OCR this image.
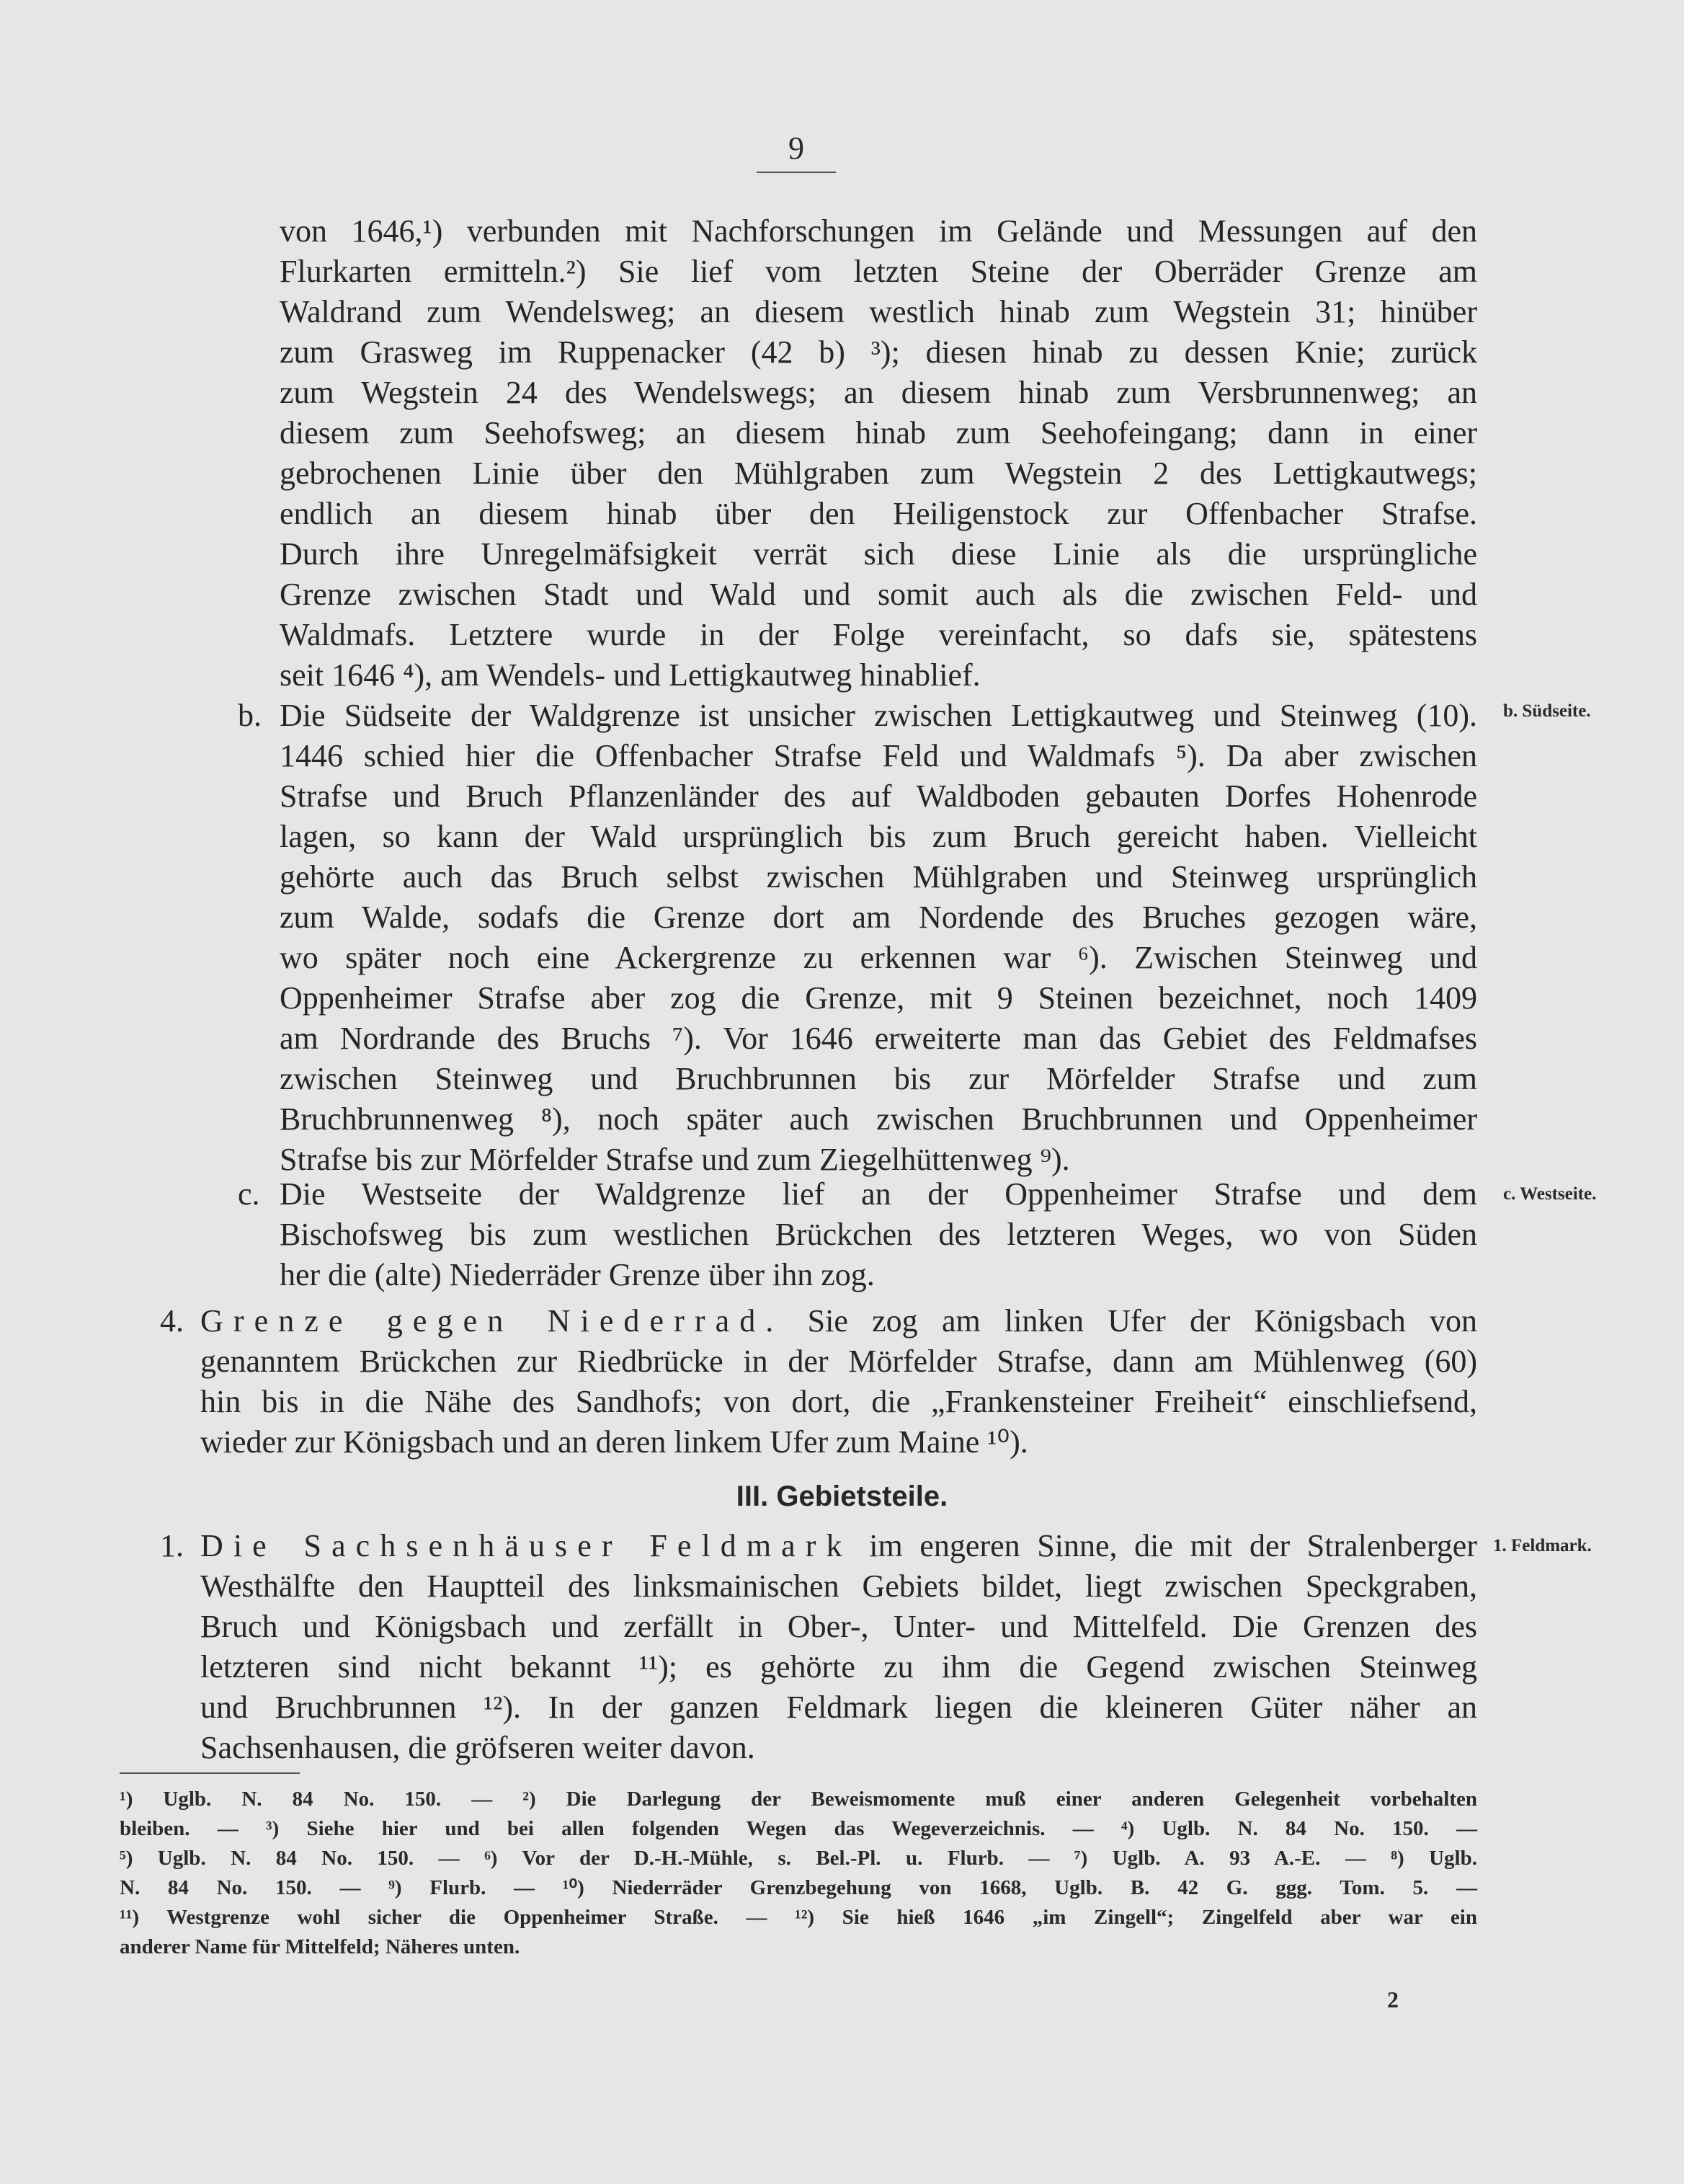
9
von 1646,¹) verbunden mit Nachforschungen im Gelände und Messungen auf den
Flurkarten ermitteln.²) Sie lief vom letzten Steine der Oberräder Grenze am
Waldrand zum Wendelsweg; an diesem westlich hinab zum Wegstein 31; hinüber
zum Grasweg im Ruppenacker (42 b) ³); diesen hinab zu dessen Knie; zurück
zum Wegstein 24 des Wendelswegs; an diesem hinab zum Versbrunnenweg; an
diesem zum Seehofsweg; an diesem hinab zum Seehofeingang; dann in einer
gebrochenen Linie über den Mühlgraben zum Wegstein 2 des Lettigkautwegs;
endlich an diesem hinab über den Heiligenstock zur Offenbacher Strafse.
Durch ihre Unregelmäfsigkeit verrät sich diese Linie als die ursprüngliche
Grenze zwischen Stadt und Wald und somit auch als die zwischen Feld- und
Waldmafs. Letztere wurde in der Folge vereinfacht, so dafs sie, spätestens
seit 1646 ⁴), am Wendels- und Lettigkautweg hinablief.
b. Die Südseite der Waldgrenze ist unsicher zwischen Lettigkautweg und Steinweg (10). b. Südseite.
1446 schied hier die Offenbacher Strafse Feld und Waldmafs ⁵). Da aber zwischen
Strafse und Bruch Pflanzenländer des auf Waldboden gebauten Dorfes Hohenrode
lagen, so kann der Wald ursprünglich bis zum Bruch gereicht haben. Vielleicht
gehörte auch das Bruch selbst zwischen Mühlgraben und Steinweg ursprünglich
zum Walde, sodafs die Grenze dort am Nordende des Bruches gezogen wäre,
wo später noch eine Ackergrenze zu erkennen war ⁶). Zwischen Steinweg und
Oppenheimer Strafse aber zog die Grenze, mit 9 Steinen bezeichnet, noch 1409
am Nordrande des Bruchs ⁷). Vor 1646 erweiterte man das Gebiet des Feldmafses
zwischen Steinweg und Bruchbrunnen bis zur Mörfelder Strafse und zum
Bruchbrunnenweg ⁸), noch später auch zwischen Bruchbrunnen und Oppenheimer
Strafse bis zur Mörfelder Strafse und zum Ziegelhüttenweg ⁹).
c. Die Westseite der Waldgrenze lief an der Oppenheimer Strafse und dem c. Westseite.
Bischofsweg bis zum westlichen Brückchen des letzteren Weges, wo von Süden
her die (alte) Niederräder Grenze über ihn zog.
4. Grenze gegen Niederrad. Sie zog am linken Ufer der Königsbach von
genanntem Brückchen zur Riedbrücke in der Mörfelder Strafse, dann am Mühlenweg (60)
hin bis in die Nähe des Sandhofs; von dort, die „Frankensteiner Freiheit“ einschliefsend,
wieder zur Königsbach und an deren linkem Ufer zum Maine ¹⁰).
III. Gebietsteile.
1. Die Sachsenhäuser Feldmark im engeren Sinne, die mit der Stralenberger 1. Feldmark.
Westhälfte den Hauptteil des linksmainischen Gebiets bildet, liegt zwischen Speckgraben,
Bruch und Königsbach und zerfällt in Ober-, Unter- und Mittelfeld. Die Grenzen des
letzteren sind nicht bekannt ¹¹); es gehörte zu ihm die Gegend zwischen Steinweg
und Bruchbrunnen ¹²). In der ganzen Feldmark liegen die kleineren Güter näher an
Sachsenhausen, die gröfseren weiter davon.
¹) Uglb. N. 84 No. 150. — ²) Die Darlegung der Beweismomente muß einer anderen Gelegenheit vorbehalten
bleiben. — ³) Siehe hier und bei allen folgenden Wegen das Wegeverzeichnis. — ⁴) Uglb. N. 84 No. 150. —
⁵) Uglb. N. 84 No. 150. — ⁶) Vor der D.-H.-Mühle, s. Bel.-Pl. u. Flurb. — ⁷) Uglb. A. 93 A.-E. — ⁸) Uglb.
N. 84 No. 150. — ⁹) Flurb. — ¹⁰) Niederräder Grenzbegehung von 1668, Uglb. B. 42 G. ggg. Tom. 5. —
¹¹) Westgrenze wohl sicher die Oppenheimer Straße. — ¹²) Sie hieß 1646 „im Zingell“; Zingelfeld aber war ein
anderer Name für Mittelfeld; Näheres unten.
2
